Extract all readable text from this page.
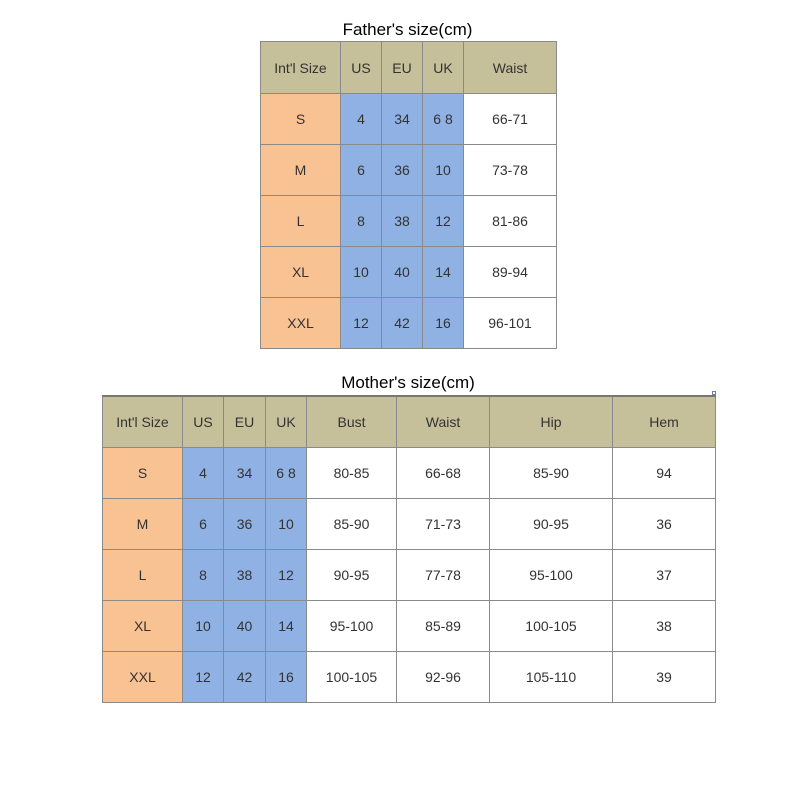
Father's size(cm)
Int'l Size	US	EU	UK	Waist
S	4	34	6 8	66-71
M	6	36	10	73-78
L	8	38	12	81-86
XL	10	40	14	89-94
XXL	12	42	16	96-101
Mother's size(cm)
Int'l Size	US	EU	UK	Bust	Waist	Hip	Hem
S	4	34	6 8	80-85	66-68	85-90	94
M	6	36	10	85-90	71-73	90-95	36
L	8	38	12	90-95	77-78	95-100	37
XL	10	40	14	95-100	85-89	100-105	38
XXL	12	42	16	100-105	92-96	105-110	39
